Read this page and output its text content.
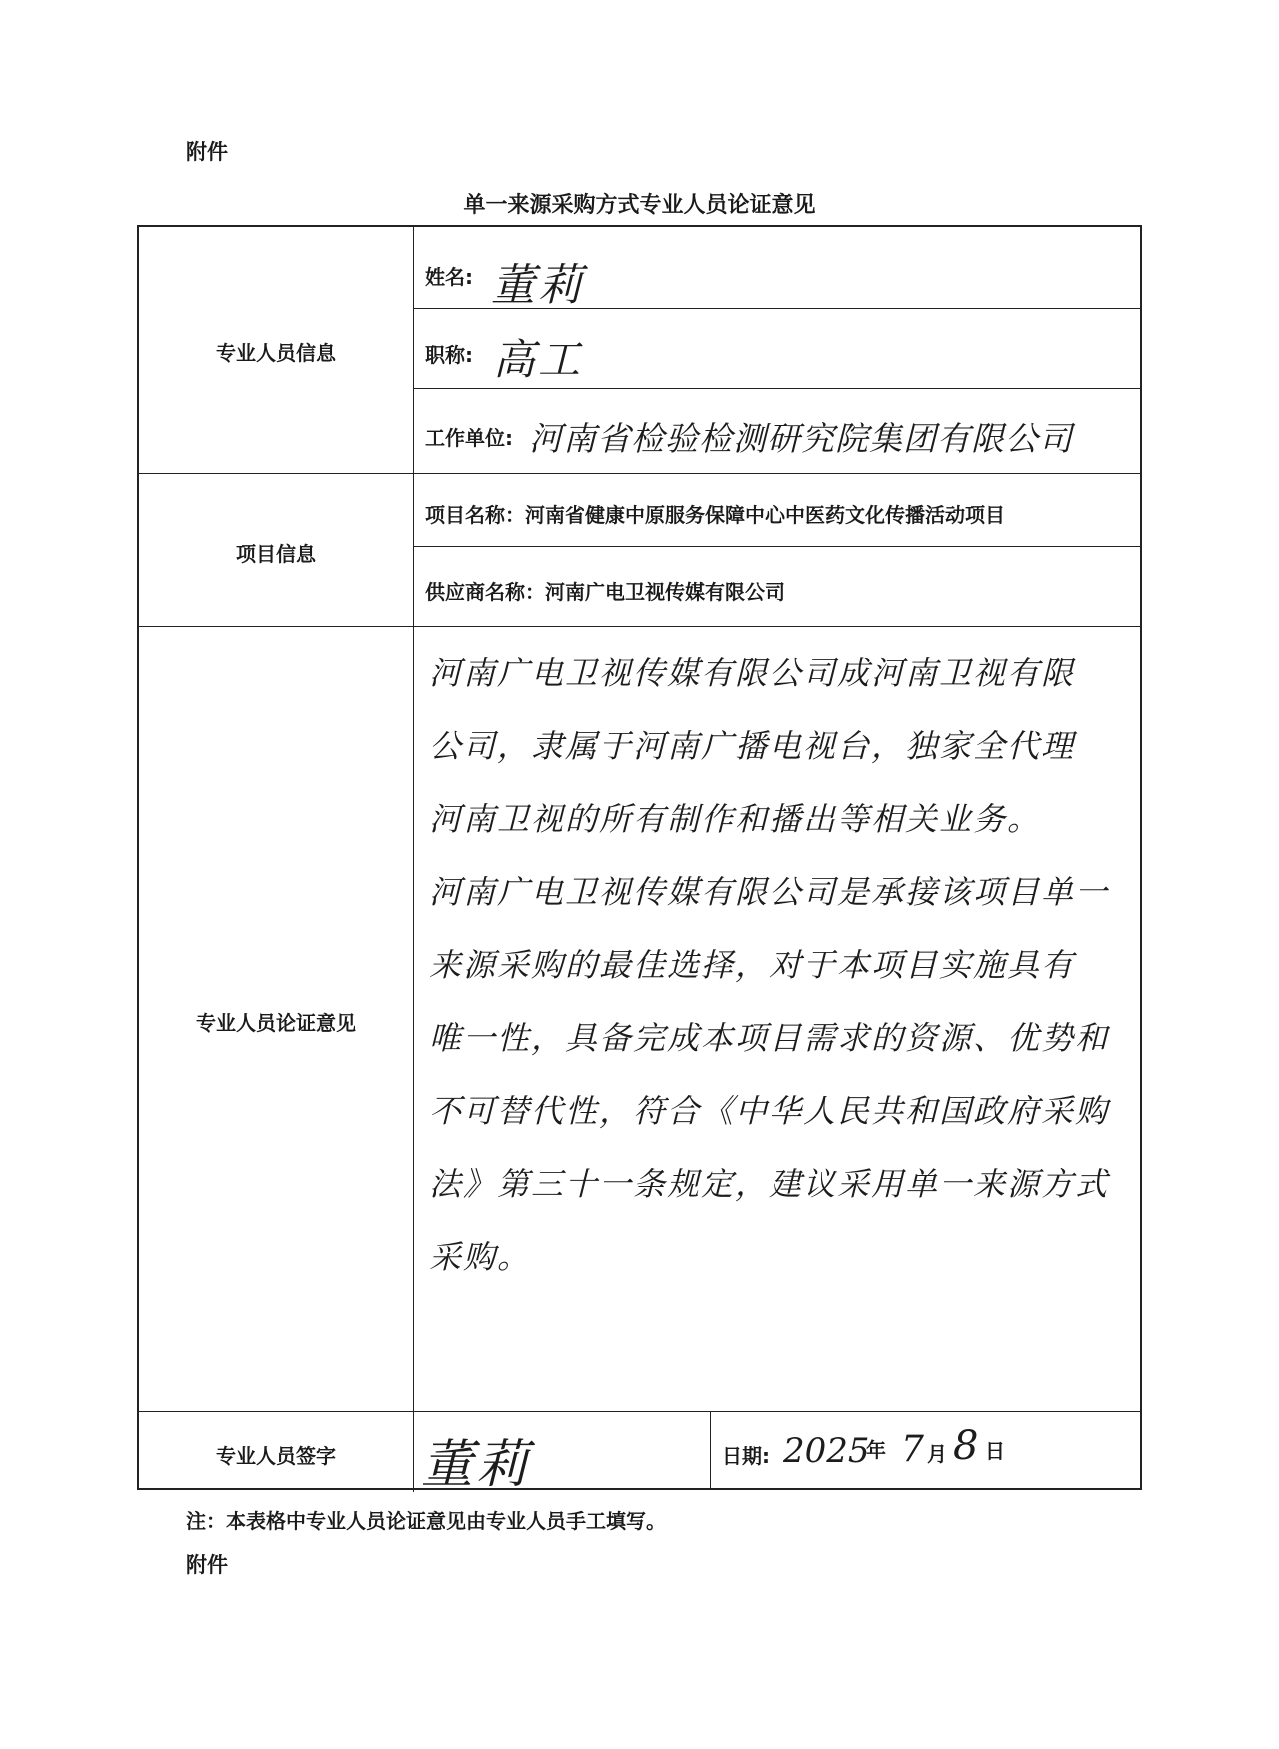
附件
单一来源采购方式专业人员论证意见
专业人员信息
姓名: 董莉
职称: 高工
工作单位: 河南省检验检测研究院集团有限公司
项目信息
项目名称：河南省健康中原服务保障中心中医药文化传播活动项目
供应商名称：河南广电卫视传媒有限公司
专业人员论证意见
河南广电卫视传媒有限公司成河南卫视有限
公司，隶属于河南广播电视台，独家全代理
河南卫视的所有制作和播出等相关业务。
河南广电卫视传媒有限公司是承接该项目单一
来源采购的最佳选择，对于本项目实施具有
唯一性，具备完成本项目需求的资源、优势和
不可替代性，符合《中华人民共和国政府采购
法》第三十一条规定，建议采用单一来源方式
采购。
专业人员签字	董莉	日期: 2025
年 7 月 8 日
注：本表格中专业人员论证意见由专业人员手工填写。
附件
